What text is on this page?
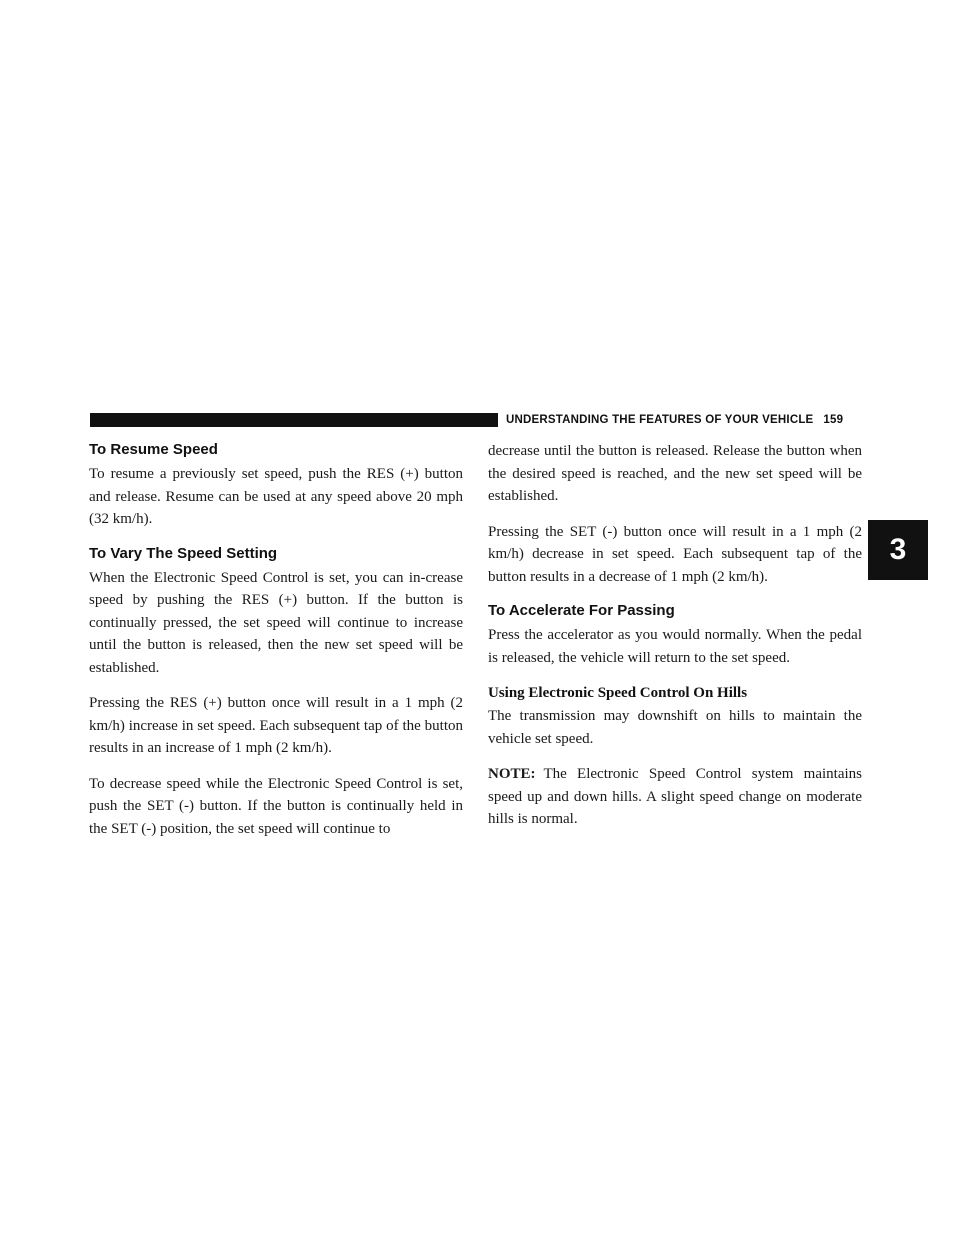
UNDERSTANDING THE FEATURES OF YOUR VEHICLE 159
3
To Resume Speed

To resume a previously set speed, push the RES (+) button and release. Resume can be used at any speed above 20 mph (32 km/h).

To Vary The Speed Setting

When the Electronic Speed Control is set, you can in-crease speed by pushing the RES (+) button. If the button is continually pressed, the set speed will continue to increase until the button is released, then the new set speed will be established.

Pressing the RES (+) button once will result in a 1 mph (2 km/h) increase in set speed. Each subsequent tap of the button results in an increase of 1 mph (2 km/h).

To decrease speed while the Electronic Speed Control is set, push the SET (-) button. If the button is continually held in the SET (-) position, the set speed will continue to

decrease until the button is released. Release the button when the desired speed is reached, and the new set speed will be established.

Pressing the SET (-) button once will result in a 1 mph (2 km/h) decrease in set speed. Each subsequent tap of the button results in a decrease of 1 mph (2 km/h).

To Accelerate For Passing

Press the accelerator as you would normally. When the pedal is released, the vehicle will return to the set speed.

Using Electronic Speed Control On Hills

The transmission may downshift on hills to maintain the vehicle set speed.

NOTE: The Electronic Speed Control system maintains speed up and down hills. A slight speed change on moderate hills is normal.
